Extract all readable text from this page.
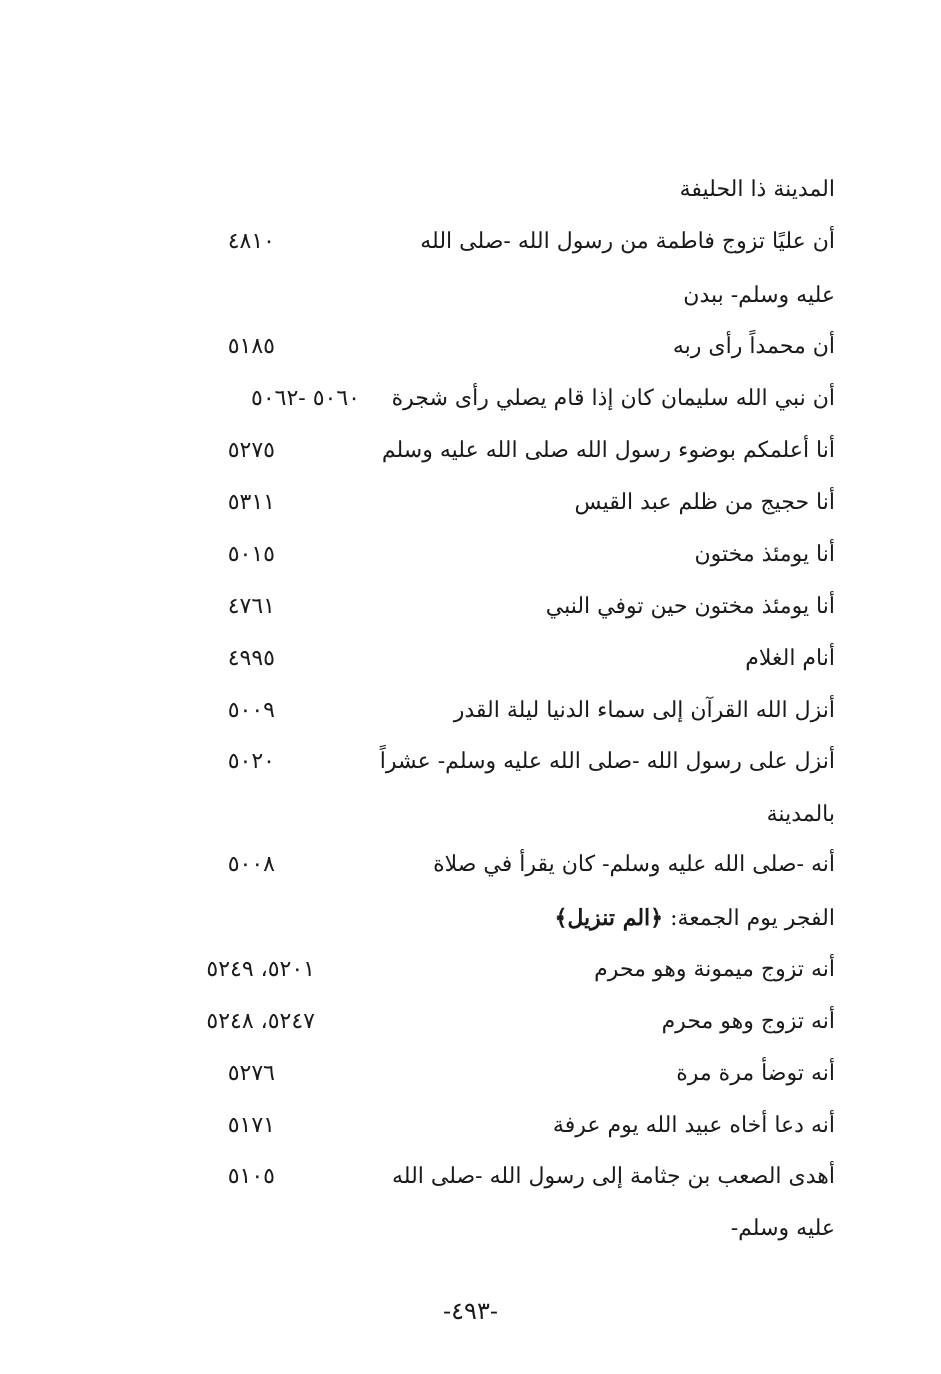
المدينة ذا الحليفة
أن عليًا تزوج فاطمة من رسول الله -صلى الله
٤٨١٠
عليه وسلم- ببدن
أن محمداً رأى ربه
٥١٨٥
أن نبي الله سليمان كان إذا قام يصلي رأى شجرة
٥٠٦٠ -٥٠٦٢
أنا أعلمكم بوضوء رسول الله صلى الله عليه وسلم
٥٢٧٥
أنا حجيج من ظلم عبد القيس
٥٣١١
أنا يومئذ مختون
٥٠١٥
أنا يومئذ مختون حين توفي النبي
٤٧٦١
أنام الغلام
٤٩٩٥
أنزل الله القرآن إلى سماء الدنيا ليلة القدر
٥٠٠٩
أنزل على رسول الله -صلى الله عليه وسلم- عشراً
٥٠٢٠
بالمدينة
أنه -صلى الله عليه وسلم- كان يقرأ في صلاة
٥٠٠٨
الفجر يوم الجمعة: ﴿الم تنزيل﴾
أنه تزوج ميمونة وهو محرم
٥٢٠١، ٥٢٤٩
أنه تزوج وهو محرم
٥٢٤٧، ٥٢٤٨
أنه توضأ مرة مرة
٥٢٧٦
أنه دعا أخاه عبيد الله يوم عرفة
٥١٧١
أهدى الصعب بن جثامة إلى رسول الله -صلى الله
٥١٠٥
عليه وسلم-
-٤٩٣-
